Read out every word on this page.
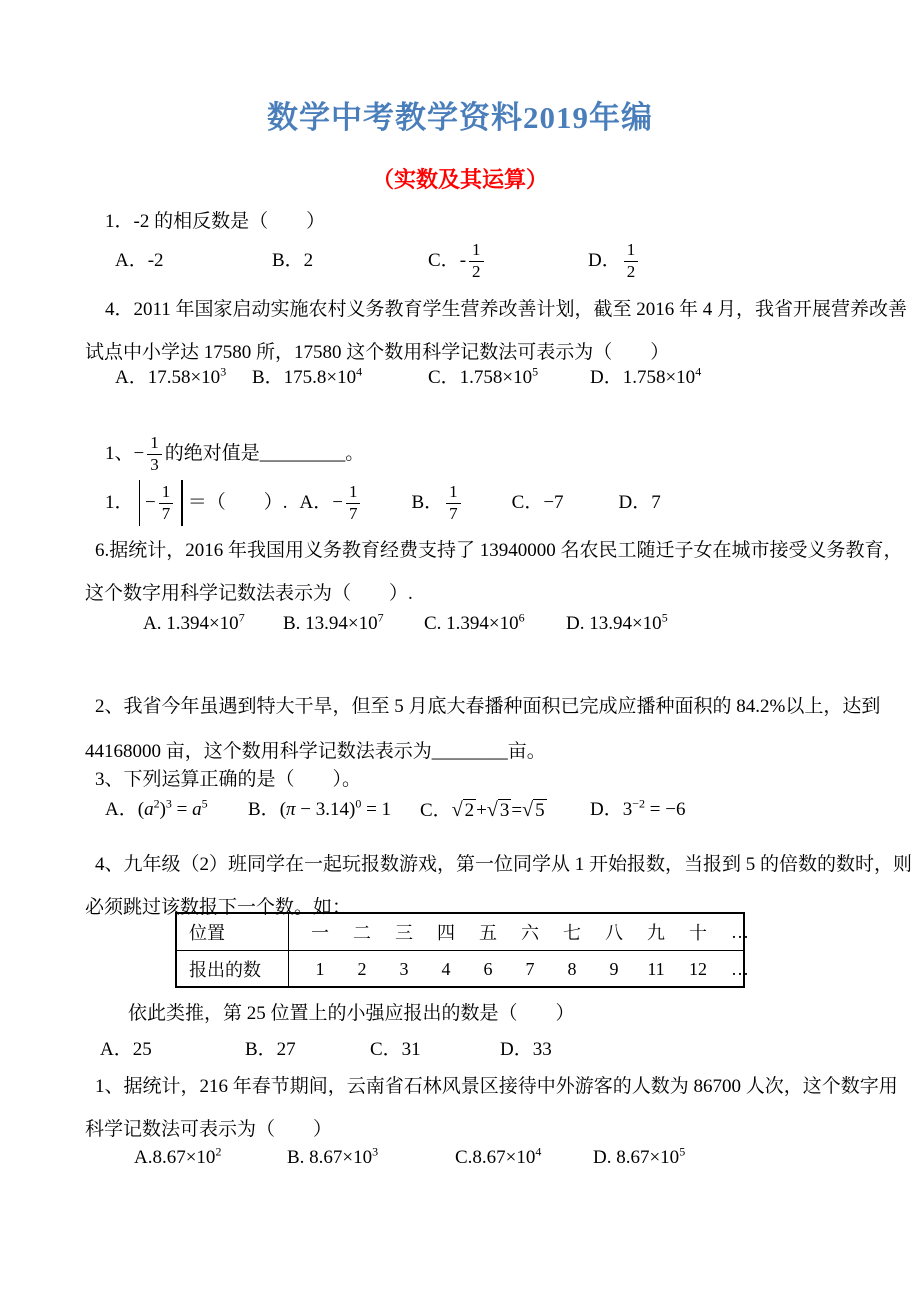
数学中考教学资料2019年编
（实数及其运算）
1．-2 的相反数是（　　）
A．-2	B．2	C． - $\frac{1}{2}$	D． $\frac{1}{2}$
4．2011 年国家启动实施农村义务教育学生营养改善计划，截至 2016 年 4 月，我省开展营养改善
试点中小学达 17580 所，17580 这个数用科学记数法可表示为（　　）
A．$17.58\times 10^3$ B．$175.8\times 10^4$	C．$1.758\times 10^5$	D．$1.758\times 10^4$
1、 − $\frac{1}{3}$ 的绝对值是_________。
1． − $\frac{1}{7}$ ＝（　　）. A． − $\frac{1}{7}$	B． $\frac{1}{7}$	C．−7	D．7
6.据统计，2016 年我国用义务教育经费支持了 13940000 名农民工随迁子女在城市接受义务教育，
这个数字用科学记数法表示为（　　）.
A. $1.394\times 10^7$ B. $13.94\times 10^7$ C. $1.394\times 10^6$ D. $13.94\times 10^5$
2、我省今年虽遇到特大干旱，但至 5 月底大春播种面积已完成应播种面积的 84.2%以上，达到
44168000 亩，这个数用科学记数法表示为________亩。
3、下列运算正确的是（　　）。
A．$(a^2)^3 = a^5$ B．$(\pi - 3.14)^0 = 1$ C．√ 2 +√ 3 =√ 5 D．$3^{-2} = -6$
4、九年级（2）班同学在一起玩报数游戏，第一位同学从 1 开始报数，当报到 5 的倍数的数时，则
必须跳过该数报下一个数。如：
位置	一	二	三	四	五	六	七	八	九	十	…
报出的数	1	2	3	4	6	7	8	9	11	12	…
依此类推，第 25 位置上的小强应报出的数是（　　）
A．25	B．27	C．31	D．33
1、据统计，216 年春节期间，云南省石林风景区接待中外游客的人数为 86700 人次，这个数字用
科学记数法可表示为（　　）
$A.8.67\times 10^2$	B. $8.67\times 10^3$	$C.8.67\times 10^4$	D. $8.67\times 10^5$
